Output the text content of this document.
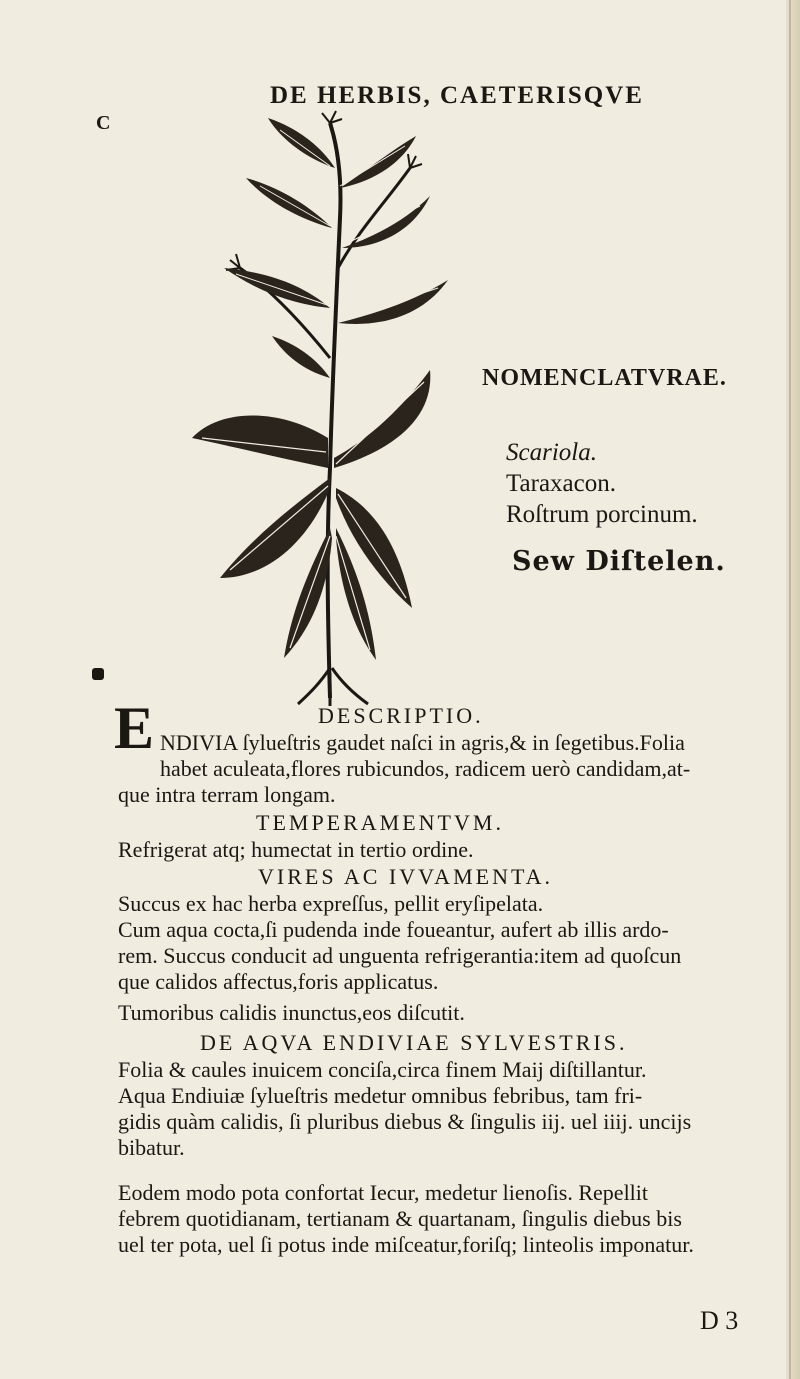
DE HERBIS, CAETERISQVE
C
NOMENCLATVRAE.
Scariola.
Taraxacon.
Roſtrum porcinum.
Sew Diſtelen.
DESCRIPTIO.
E NDIVIA ſylueſtris gaudet naſci in agris,& in ſegetibus.Folia
habet aculeata,flores rubicundos, radicem uerò candidam,at-
que intra terram longam.
TEMPERAMENTVM.
Refrigerat atq; humectat in tertio ordine.
VIRES AC IVVAMENTA.
Succus ex hac herba expreſſus, pellit eryſipelata.
Cum aqua cocta,ſi pudenda inde foueantur, aufert ab illis ardo-
rem. Succus conducit ad unguenta refrigerantia:item ad quoſcun
que calidos affectus,foris applicatus.
Tumoribus calidis inunctus,eos diſcutit.
DE AQVA ENDIVIAE SYLVESTRIS.
Folia & caules inuicem conciſa,circa finem Maij diſtillantur.
Aqua Endiuiæ ſylueſtris medetur omnibus febribus, tam fri-
gidis quàm calidis, ſi pluribus diebus & ſingulis iij. uel iiij. uncijs
bibatur.
Eodem modo pota confortat Iecur, medetur lienoſis. Repellit
febrem quotidianam, tertianam & quartanam, ſingulis diebus bis
uel ter pota, uel ſi potus inde miſceatur,foriſq; linteolis imponatur.
D 3
